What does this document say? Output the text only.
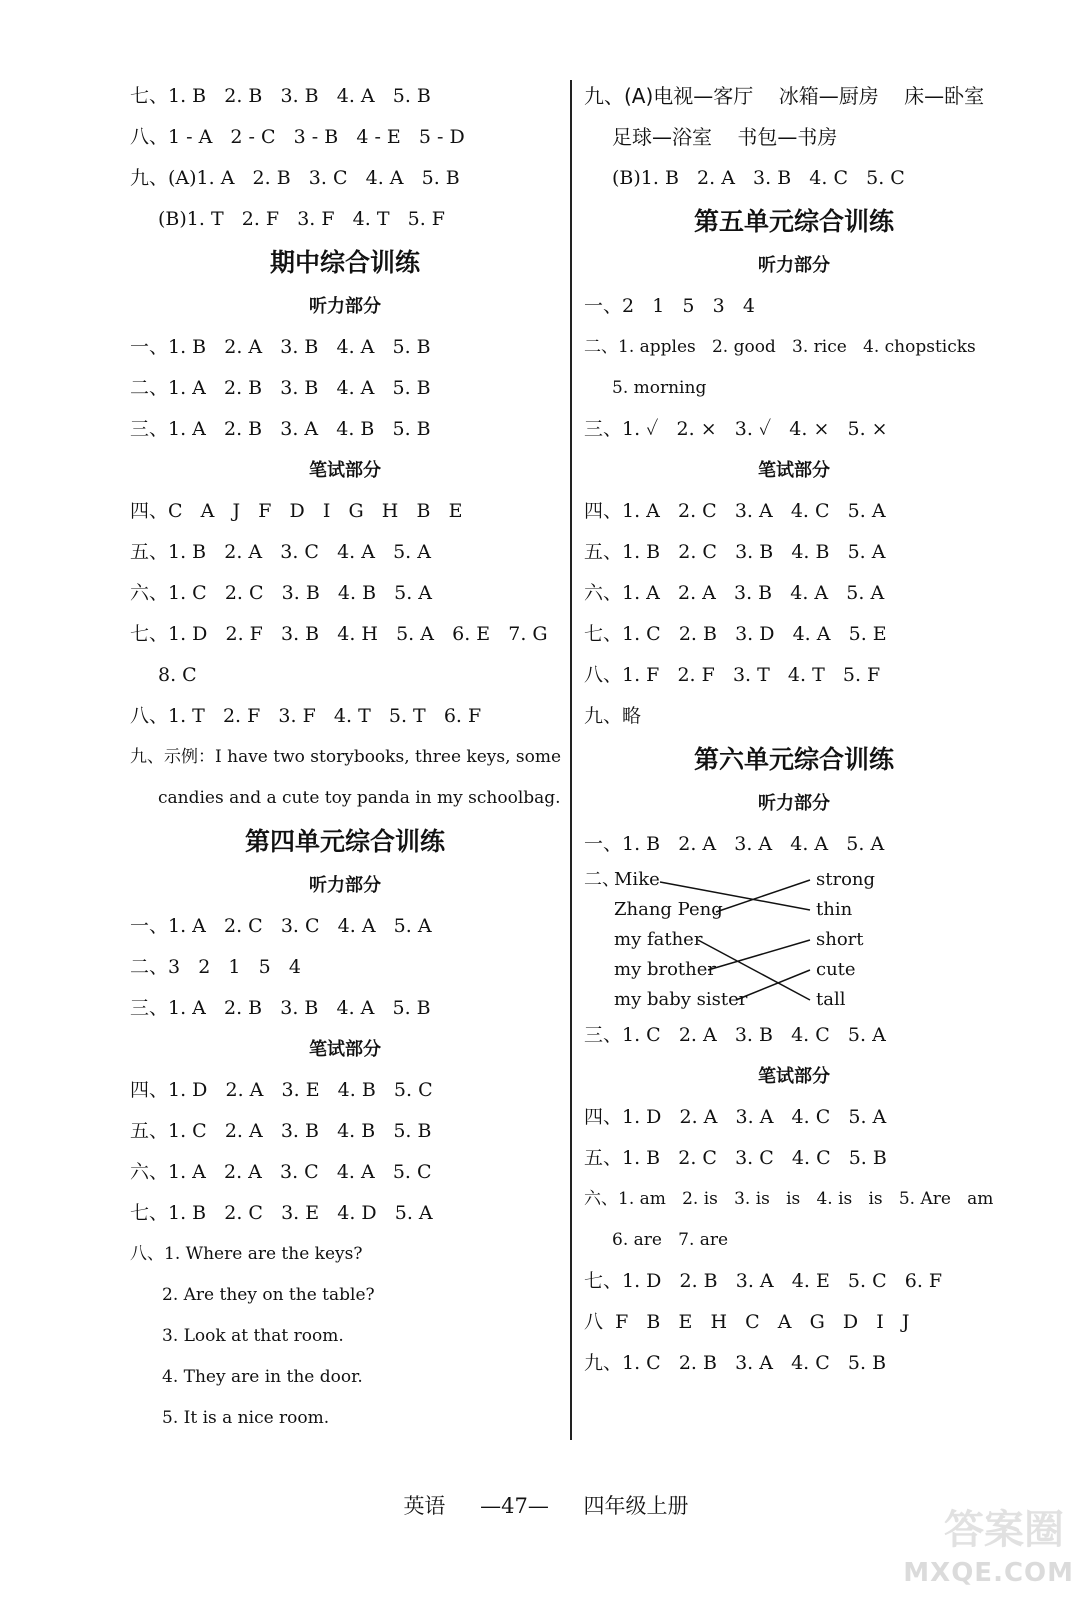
七、1. B   2. B   3. B   4. A   5. B
八、1 - A   2 - C   3 - B   4 - E   5 - D
九、(A)1. A   2. B   3. C   4. A   5. B
(B)1. T   2. F   3. F   4. T   5. F
期中综合训练
听力部分
一、1. B   2. A   3. B   4. A   5. B
二、1. A   2. B   3. B   4. A   5. B
三、1. A   2. B   3. A   4. B   5. B
笔试部分
四、C   A   J   F   D   I   G   H   B   E
五、1. B   2. A   3. C   4. A   5. A
六、1. C   2. C   3. B   4. B   5. A
七、1. D   2. F   3. B   4. H   5. A   6. E   7. G
8. C
八、1. T   2. F   3. F   4. T   5. T   6. F
九、示例：I have two storybooks, three keys, some
candies and a cute toy panda in my schoolbag.
第四单元综合训练
听力部分
一、1. A   2. C   3. C   4. A   5. A
二、3   2   1   5   4
三、1. A   2. B   3. B   4. A   5. B
笔试部分
四、1. D   2. A   3. E   4. B   5. C
五、1. C   2. A   3. B   4. B   5. B
六、1. A   2. A   3. C   4. A   5. C
七、1. B   2. C   3. E   4. D   5. A
八、1. Where are the keys?
2. Are they on the table?
3. Look at that room.
4. They are in the door.
5. It is a nice room.
九、(A)电视—客厅    冰箱—厨房    床—卧室
足球—浴室    书包—书房
(B)1. B   2. A   3. B   4. C   5. C
第五单元综合训练
听力部分
一、2   1   5   3   4
二、1. apples   2. good   3. rice   4. chopsticks
5. morning
三、1. ✓   2. ×   3. ✓   4. ×   5. ×
笔试部分
四、1. A   2. C   3. A   4. C   5. A
五、1. B   2. C   3. B   4. B   5. A
六、1. A   2. A   3. B   4. A   5. A
七、1. C   2. B   3. D   4. A   5. E
八、1. F   2. F   3. T   4. T   5. F
九、略
第六单元综合训练
听力部分
一、1. B   2. A   3. A   4. A   5. A
二、
Mike
Zhang Peng
my father
my brother
my baby sister
strong
thin
short
cute
tall
三、1. C   2. A   3. B   4. C   5. A
笔试部分
四、1. D   2. A   3. A   4. C   5. A
五、1. B   2. C   3. C   4. C   5. B
六、1. am   2. is   3. is   is   4. is   is   5. Are   am
6. are   7. are
七、1. D   2. B   3. A   4. E   5. C   6. F
八  F   B   E   H   C   A   G   D   I   J
九、1. C   2. B   3. A   4. C   5. B
英语 —47— 四年级上册
答案圈
MXQE.COM
